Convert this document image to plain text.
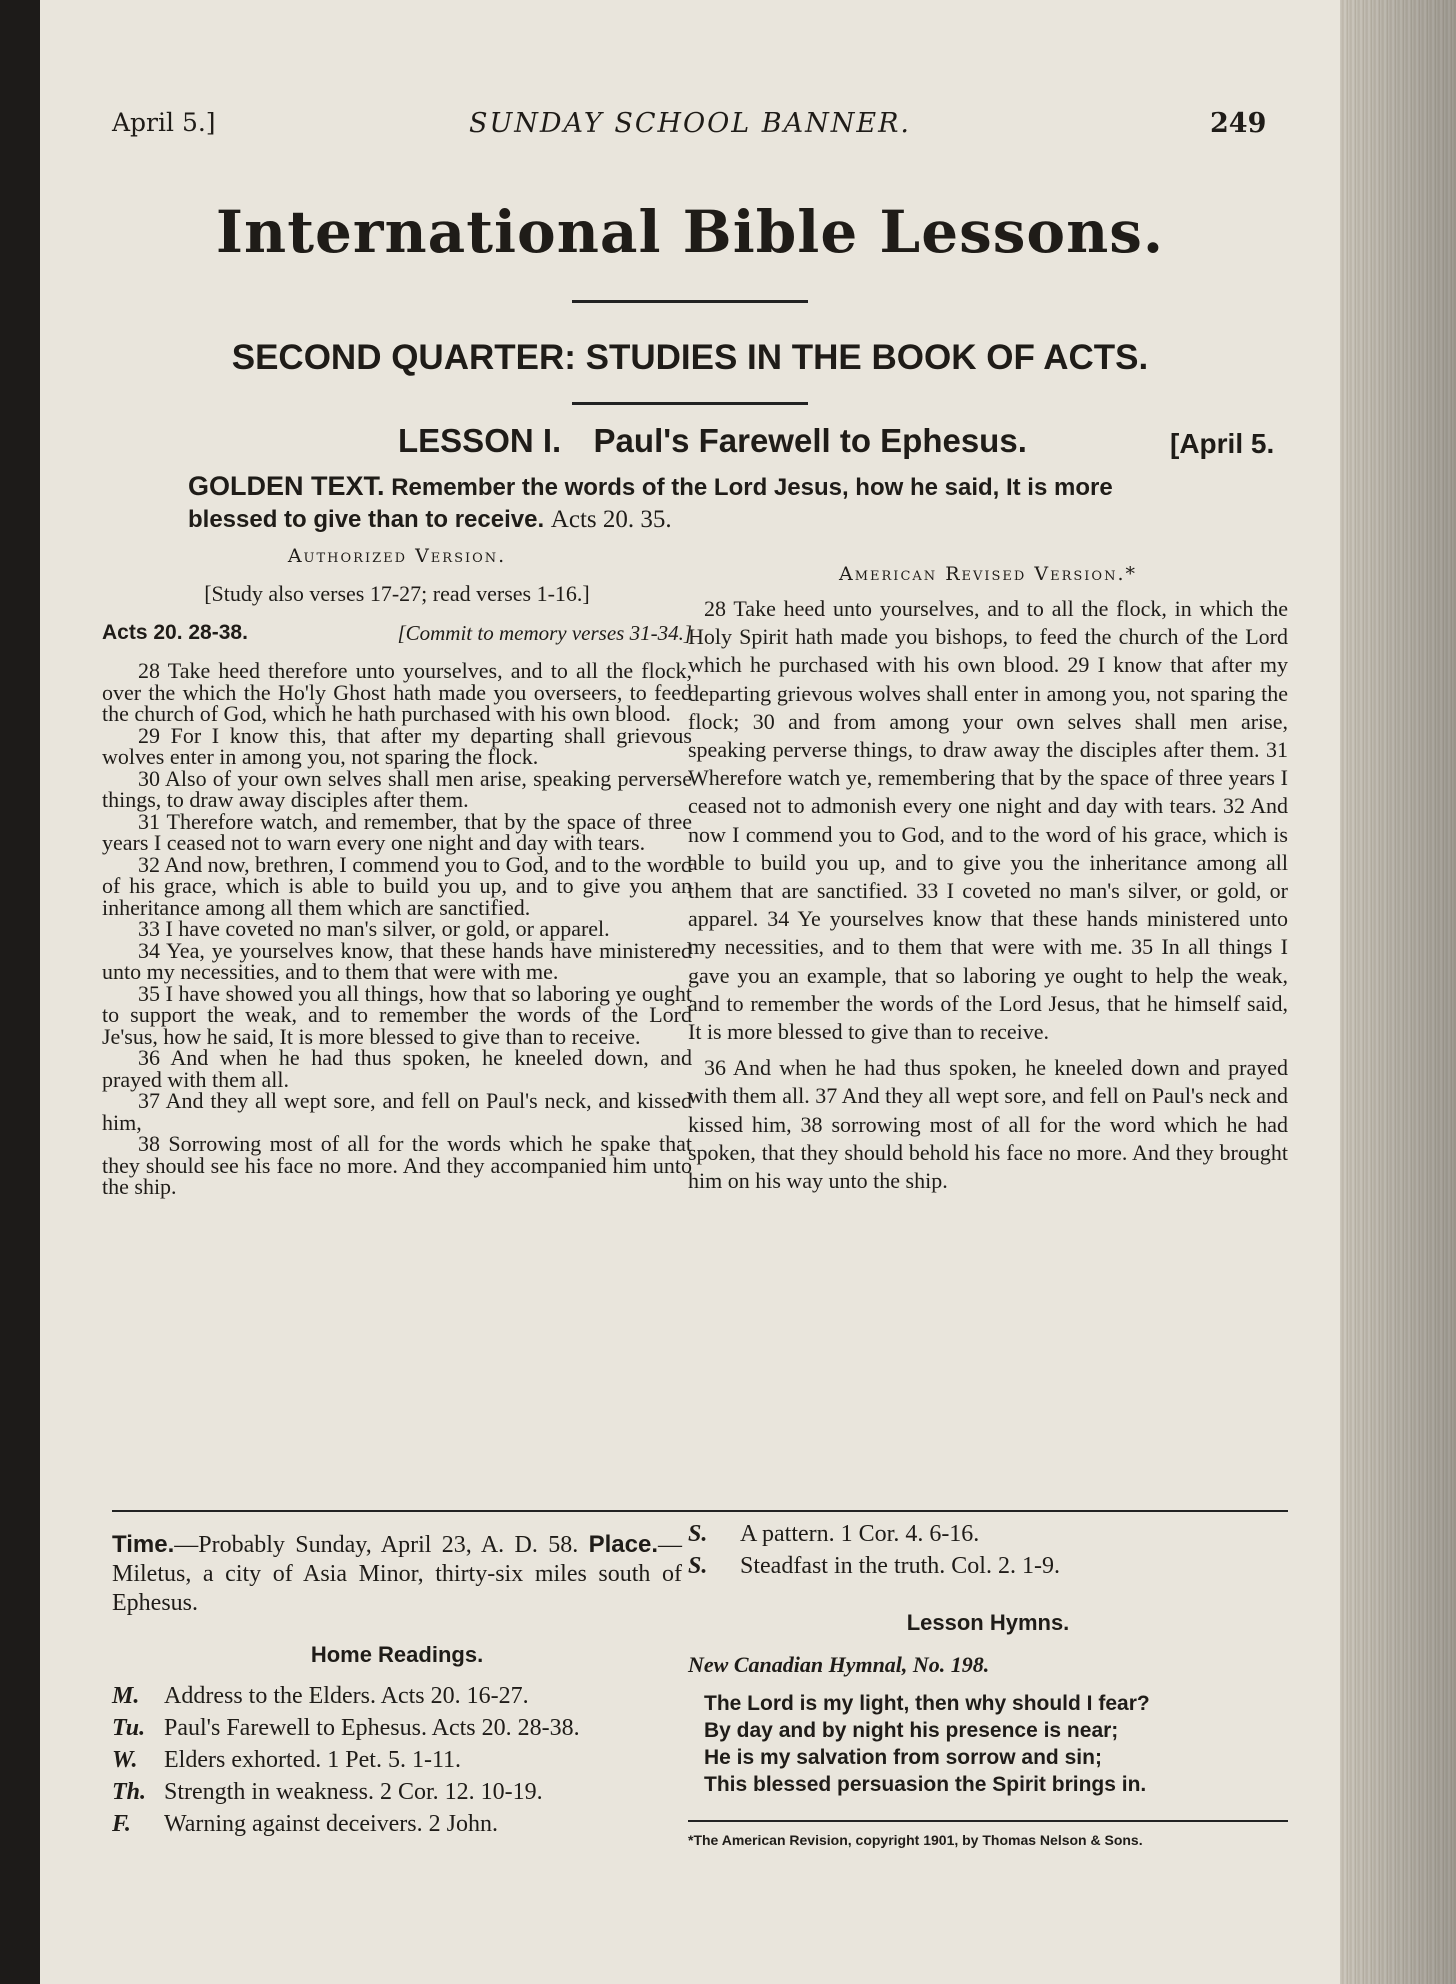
April 5.]	SUNDAY SCHOOL BANNER.	249
International Bible Lessons.
SECOND QUARTER: STUDIES IN THE BOOK OF ACTS.
LESSON I. Paul's Farewell to Ephesus.	[April 5.
GOLDEN TEXT. Remember the words of the Lord Jesus, how he said, It is more blessed to give than to receive. Acts 20. 35.
Authorized Version.
[Study also verses 17-27; read verses 1-16.]
Acts 20. 28-38.	[Commit to memory verses 31-34.]

28 Take heed therefore unto yourselves, and to all the flock, over the which the Ho'ly Ghost hath made you overseers, to feed the church of God, which he hath purchased with his own blood.

29 For I know this, that after my departing shall grievous wolves enter in among you, not sparing the flock.

30 Also of your own selves shall men arise, speaking perverse things, to draw away disciples after them.

31 Therefore watch, and remember, that by the space of three years I ceased not to warn every one night and day with tears.

32 And now, brethren, I commend you to God, and to the word of his grace, which is able to build you up, and to give you an inheritance among all them which are sanctified.

33 I have coveted no man's silver, or gold, or apparel.

34 Yea, ye yourselves know, that these hands have ministered unto my necessities, and to them that were with me.

35 I have showed you all things, how that so laboring ye ought to support the weak, and to remember the words of the Lord Je'sus, how he said, It is more blessed to give than to receive.

36 And when he had thus spoken, he kneeled down, and prayed with them all.

37 And they all wept sore, and fell on Paul's neck, and kissed him,

38 Sorrowing most of all for the words which he spake that they should see his face no more. And they accompanied him unto the ship.

American Revised Version.*

28 Take heed unto yourselves, and to all the flock, in which the Holy Spirit hath made you bishops, to feed the church of the Lord which he purchased with his own blood. 29 I know that after my departing grievous wolves shall enter in among you, not sparing the flock; 30 and from among your own selves shall men arise, speaking perverse things, to draw away the disciples after them. 31 Wherefore watch ye, remembering that by the space of three years I ceased not to admonish every one night and day with tears. 32 And now I commend you to God, and to the word of his grace, which is able to build you up, and to give you the inheritance among all them that are sanctified. 33 I coveted no man's silver, or gold, or apparel. 34 Ye yourselves know that these hands ministered unto my necessities, and to them that were with me. 35 In all things I gave you an example, that so laboring ye ought to help the weak, and to remember the words of the Lord Jesus, that he himself said, It is more blessed to give than to receive.

36 And when he had thus spoken, he kneeled down and prayed with them all. 37 And they all wept sore, and fell on Paul's neck and kissed him, 38 sorrowing most of all for the word which he had spoken, that they should behold his face no more. And they brought him on his way unto the ship.

Time.—Probably Sunday, April 23, A. D. 58. Place.—Miletus, a city of Asia Minor, thirty-six miles south of Ephesus.
Home Readings.
M.	Address to the Elders. Acts 20. 16-27.
Tu. Paul's Farewell to Ephesus. Acts 20. 28-38.
W.	Elders exhorted. 1 Pet. 5. 1-11.
Th. Strength in weakness. 2 Cor. 12. 10-19.
F.	Warning against deceivers. 2 John.
S.	A pattern. 1 Cor. 4. 6-16.
S.	Steadfast in the truth. Col. 2. 1-9.
Lesson Hymns.
New Canadian Hymnal, No. 198.
The Lord is my light, then why should I fear?
By day and by night his presence is near;
He is my salvation from sorrow and sin;
This blessed persuasion the Spirit brings in.
*The American Revision, copyright 1901, by Thomas Nelson & Sons.
